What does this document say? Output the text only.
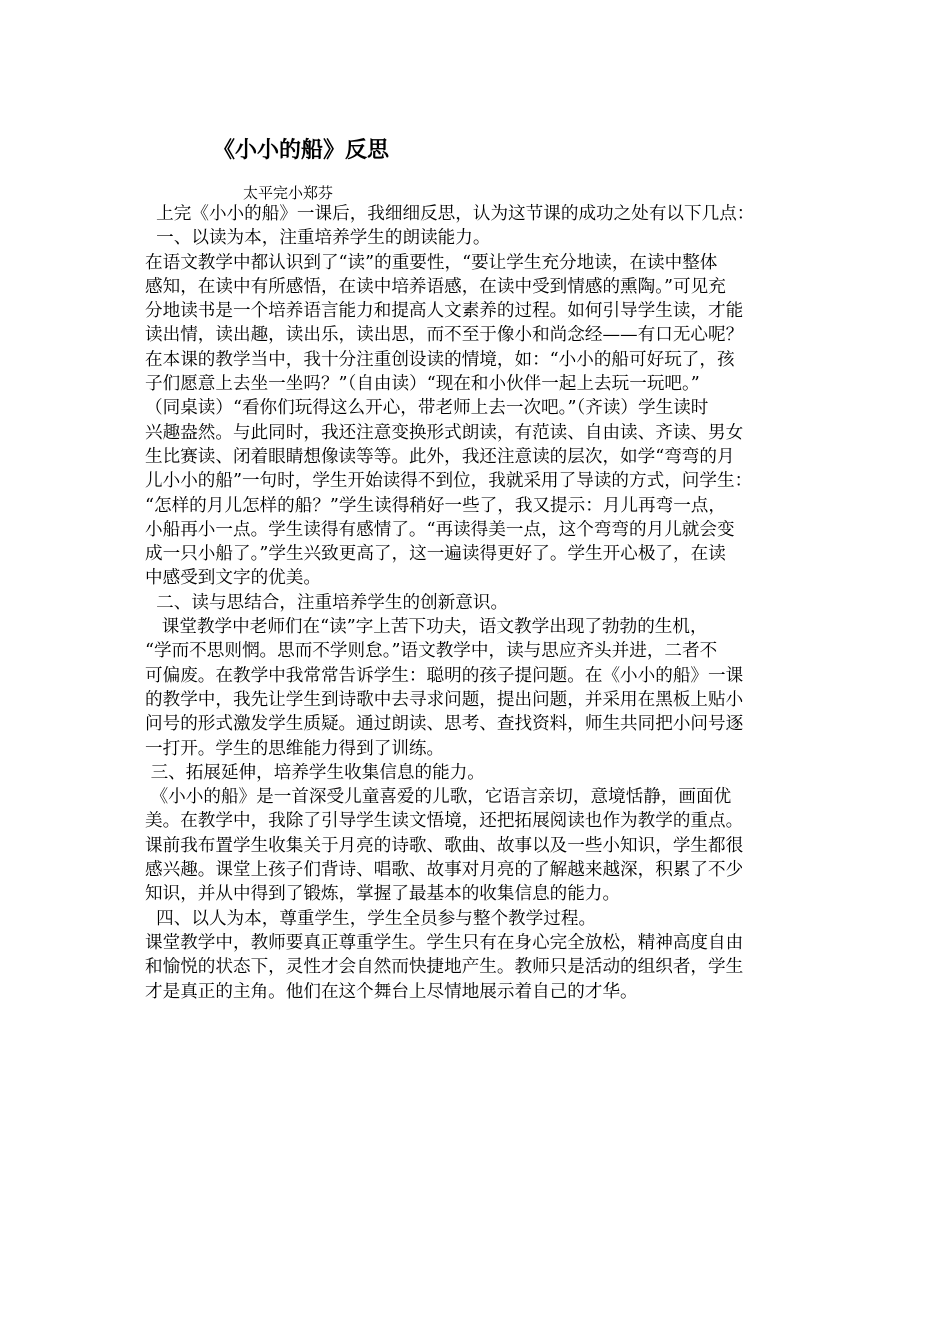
《小小的船》反思
太平完小郑芬
上完《小小的船》一课后，我细细反思，认为这节课的成功之处有以下几点：
一、以读为本，注重培养学生的朗读能力。
在语文教学中都认识到了“读”的重要性，“要让学生充分地读，在读中整体
感知，在读中有所感悟，在读中培养语感，在读中受到情感的熏陶。”可见充
分地读书是一个培养语言能力和提高人文素养的过程。如何引导学生读，才能
读出情，读出趣，读出乐，读出思，而不至于像小和尚念经——有口无心呢？
在本课的教学当中，我十分注重创设读的情境，如：“小小的船可好玩了，孩
子们愿意上去坐一坐吗？”（自由读）“现在和小伙伴一起上去玩一玩吧。”
（同桌读）“看你们玩得这么开心，带老师上去一次吧。”（齐读）学生读时
兴趣盎然。与此同时，我还注意变换形式朗读，有范读、自由读、齐读、男女
生比赛读、闭着眼睛想像读等等。此外，我还注意读的层次，如学“弯弯的月
儿小小的船”一句时，学生开始读得不到位，我就采用了导读的方式，问学生：
“怎样的月儿怎样的船？”学生读得稍好一些了，我又提示：月儿再弯一点，
小船再小一点。学生读得有感情了。“再读得美一点，这个弯弯的月儿就会变
成一只小船了。”学生兴致更高了，这一遍读得更好了。学生开心极了，在读
中感受到文字的优美。
二、读与思结合，注重培养学生的创新意识。
课堂教学中老师们在“读”字上苦下功夫，语文教学出现了勃勃的生机，
“学而不思则惘。思而不学则怠。”语文教学中，读与思应齐头并进，二者不
可偏废。在教学中我常常告诉学生：聪明的孩子提问题。在《小小的船》一课
的教学中，我先让学生到诗歌中去寻求问题，提出问题，并采用在黑板上贴小
问号的形式激发学生质疑。通过朗读、思考、查找资料，师生共同把小问号逐
一打开。学生的思维能力得到了训练。
三、拓展延伸，培养学生收集信息的能力。
《小小的船》是一首深受儿童喜爱的儿歌，它语言亲切，意境恬静，画面优
美。在教学中，我除了引导学生读文悟境，还把拓展阅读也作为教学的重点。
课前我布置学生收集关于月亮的诗歌、歌曲、故事以及一些小知识，学生都很
感兴趣。课堂上孩子们背诗、唱歌、故事对月亮的了解越来越深，积累了不少
知识，并从中得到了锻炼，掌握了最基本的收集信息的能力。
四、以人为本，尊重学生，学生全员参与整个教学过程。
课堂教学中，教师要真正尊重学生。学生只有在身心完全放松，精神高度自由
和愉悦的状态下，灵性才会自然而快捷地产生。教师只是活动的组织者，学生
才是真正的主角。他们在这个舞台上尽情地展示着自己的才华。
